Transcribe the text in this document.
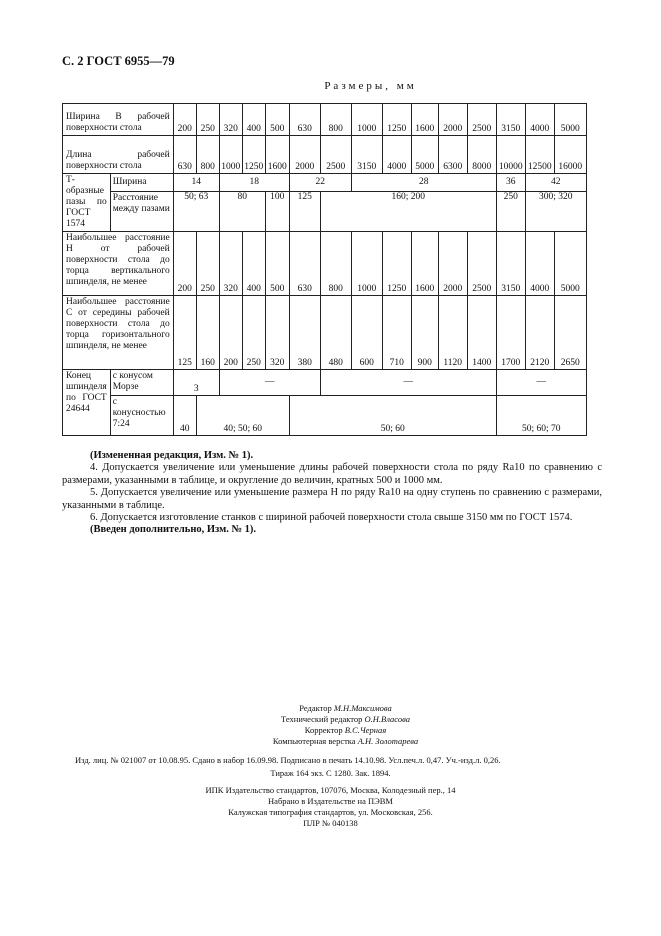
С. 2 ГОСТ 6955—79
Размеры, мм
Ширина В рабочей поверхности стола		200	250	320	400	500	630	800	1000	1250	1600	2000	2500	3150	4000	5000
Длина рабочей поверхности стола		630	800	1000	1250	1600	2000	2500	3150	4000	5000	6300	8000	10000	12500	16000
Т-образные пазы по ГОСТ 1574	Ширина	14		18			22		28					36	42	
	Расстояние между пазами	50; 63		80		100	125	160; 200						250	300; 320	
Наибольшее расстояние Н от рабочей поверхности стола до торца вертикального шпинделя, не менее		200	250	320	400	500	630	800	1000	1250	1600	2000	2500	3150	4000	5000
Наибольшее расстояние С от середины рабочей поверхности стола до торца горизонтального шпинделя, не менее		125	160	200	250	320	380	480	600	710	900	1120	1400	1700	2120	2650
Конец шпинделя по ГОСТ 24644	с конусом Морзе	3		—				—						—		
	с конусностью 7:24	40	40; 50; 60				50; 60							50; 60; 70		

(Измененная редакция, Изм. № 1).

4. Допускается увеличение или уменьшение длины рабочей поверхности стола по ряду Ra10 по сравнению с размерами, указанными в таблице, и округление до величин, кратных 500 и 1000 мм.

5. Допускается увеличение или уменьшение размера Н по ряду Ra10 на одну ступень по сравнению с размерами, указанными в таблице.

6. Допускается изготовление станков с шириной рабочей поверхности стола свыше 3150 мм по ГОСТ 1574.

(Введен дополнительно, Изм. № 1).

Редактор М.Н.Максимова
Технический редактор О.Н.Власова
Корректор В.С.Черная
Компьютерная верстка А.Н. Золотарева
Изд. лиц. № 021007 от 10.08.95. Сдано в набор 16.09.98. Подписано в печать 14.10.98. Усл.печ.л. 0,47. Уч.-изд.л. 0,26.
Тираж 164 экз. С 1280. Зак. 1894.
ИПК Издательство стандартов, 107076, Москва, Колодезный пер., 14
Набрано в Издательстве на ПЭВМ
Калужская типография стандартов, ул. Московская, 256.
ПЛР № 040138
